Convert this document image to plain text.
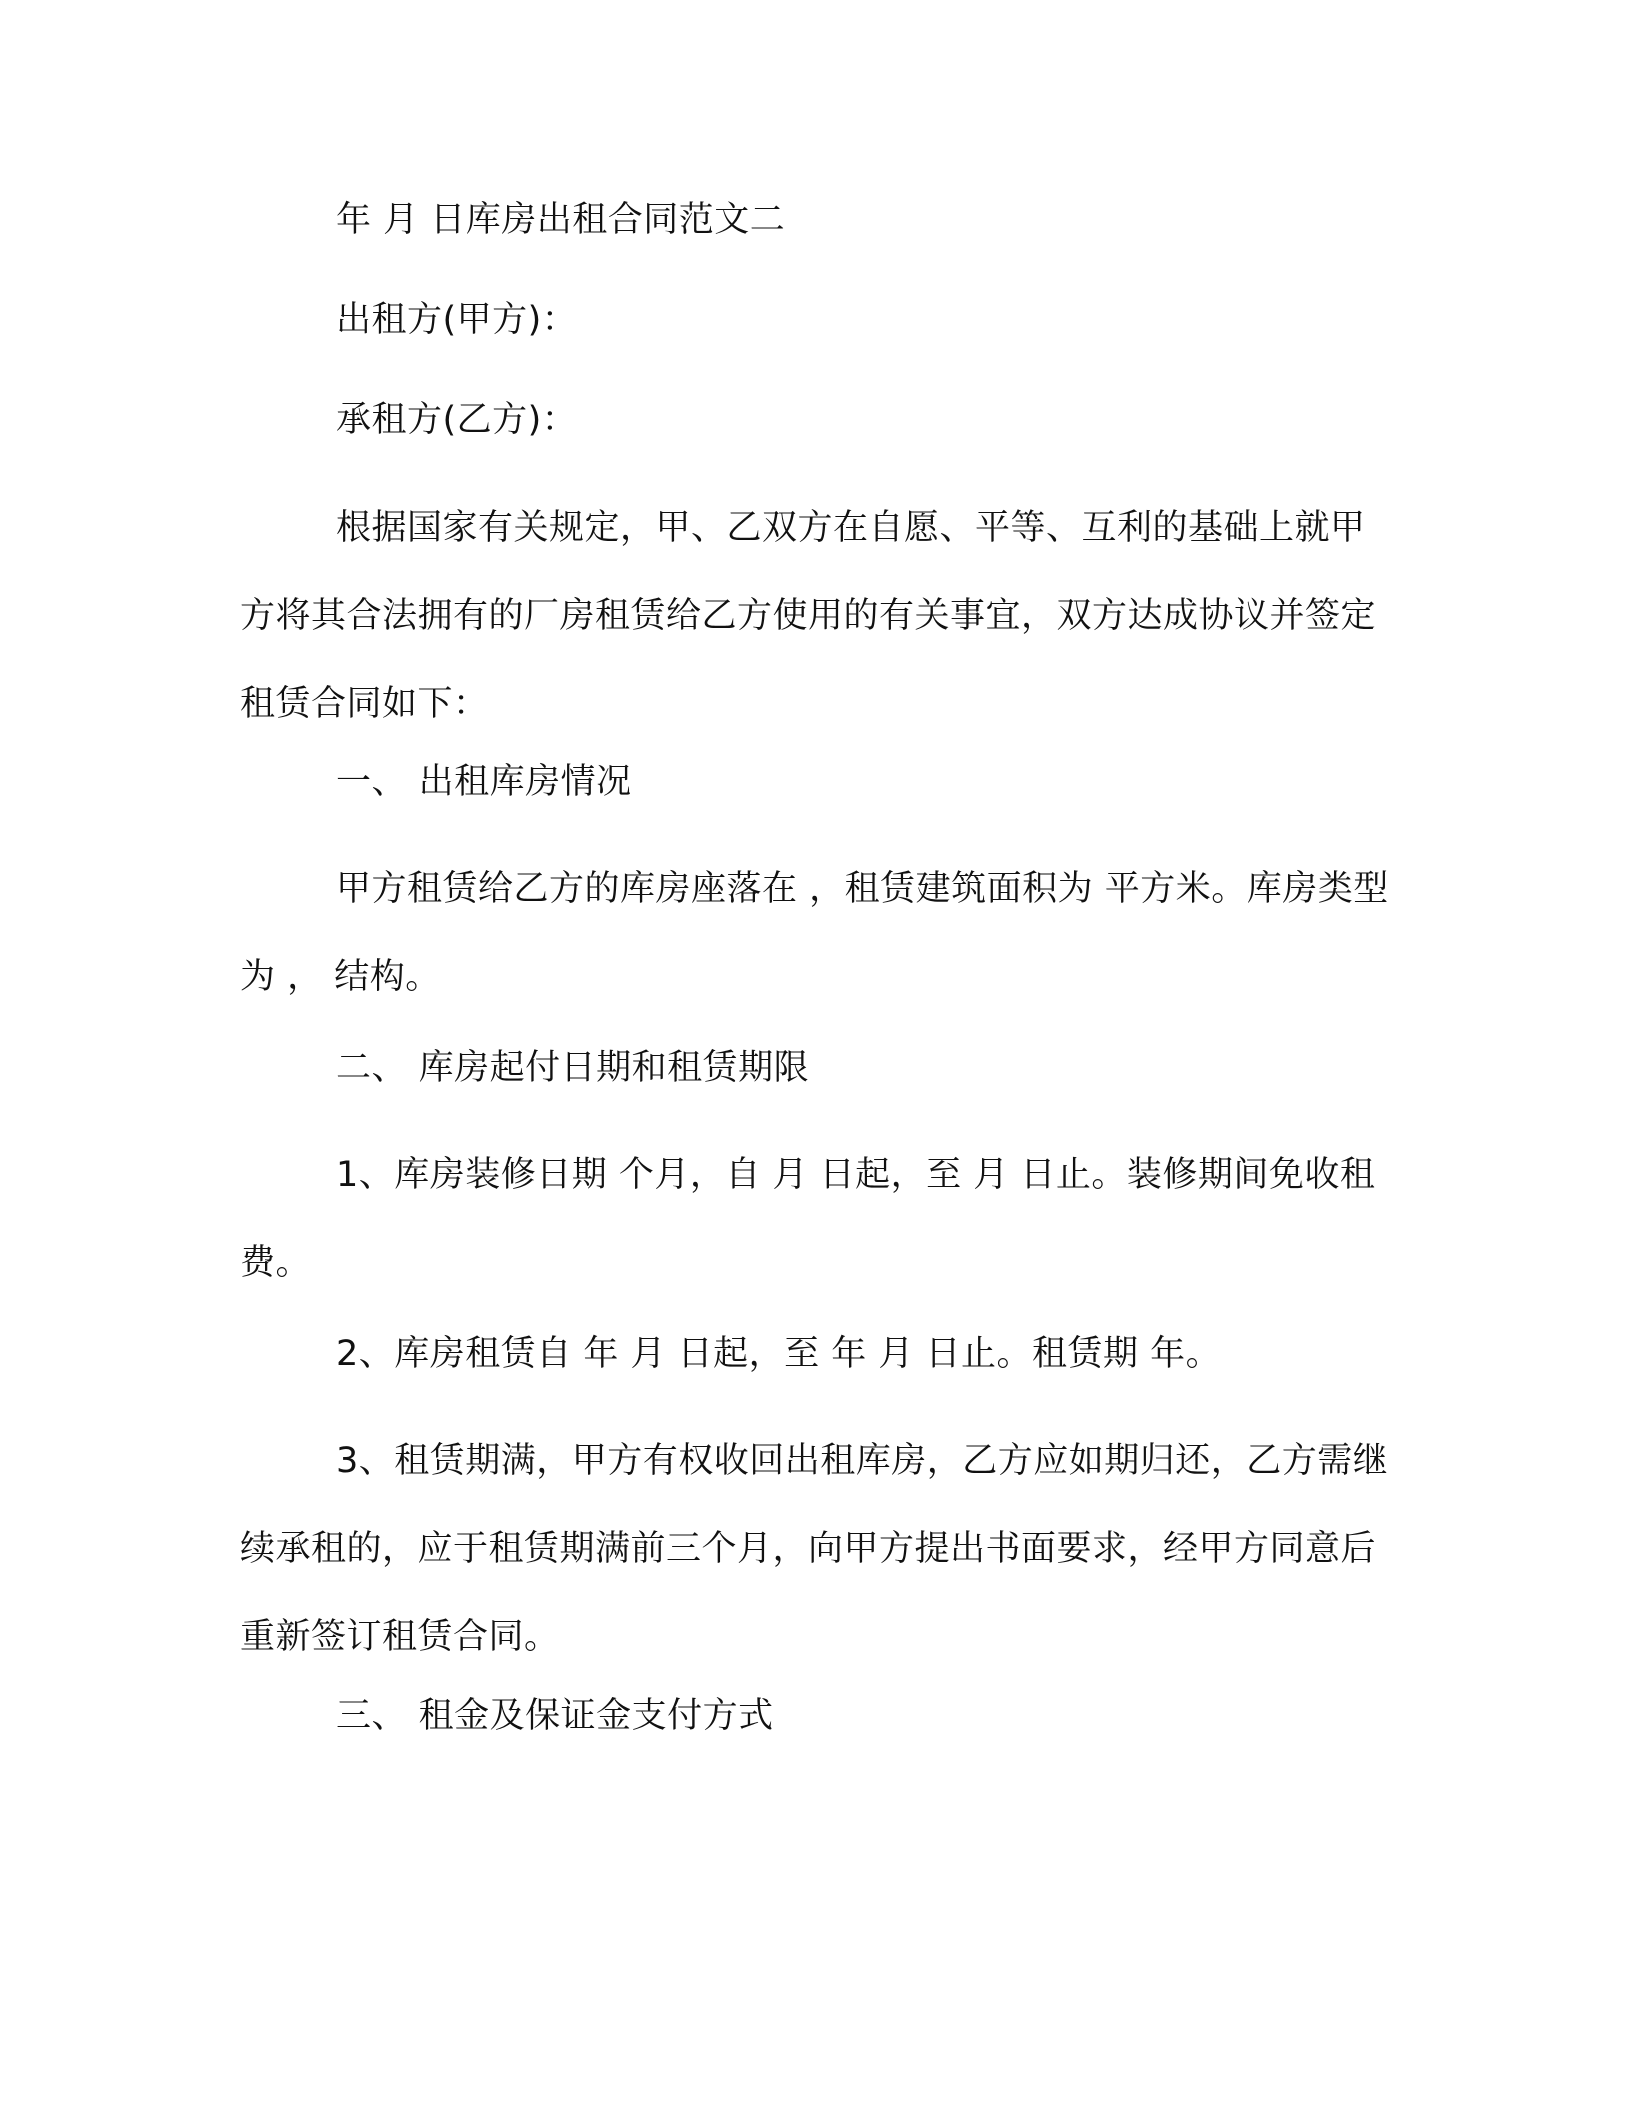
年 月 日库房出租合同范文二

出租方(甲方)：

承租方(乙方)：

根据国家有关规定，甲、乙双方在自愿、平等、互利的基础上就甲方将其合法拥有的厂房租赁给乙方使用的有关事宜，双方达成协议并签定租赁合同如下：

一、 出租库房情况

甲方租赁给乙方的库房座落在 ，租赁建筑面积为 平方米。库房类型为 ， 结构。

二、 库房起付日期和租赁期限

1、库房装修日期 个月，自 月 日起，至 月 日止。装修期间免收租费。

2、库房租赁自 年 月 日起，至 年 月 日止。租赁期 年。

3、租赁期满，甲方有权收回出租库房，乙方应如期归还，乙方需继续承租的，应于租赁期满前三个月，向甲方提出书面要求，经甲方同意后重新签订租赁合同。

三、 租金及保证金支付方式
